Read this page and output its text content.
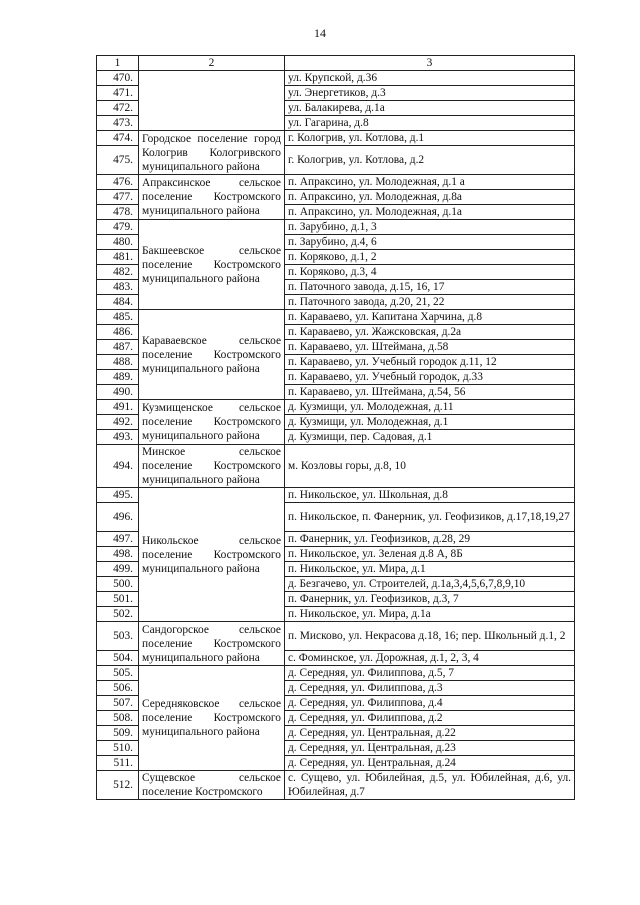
14
1	2	3
470.		ул. Крупской, д.36
471.		ул. Энергетиков, д.3
472.		ул. Балакирева, д.1а
473.		ул. Гагарина, д.8
474.	Городское поселение город Кологрив Кологривского муниципального района	г. Кологрив, ул. Котлова, д.1
475.		г. Кологрив, ул. Котлова, д.2
476.	Апраксинское сельское поселение Костромского муниципального района	п. Апраксино, ул. Молодежная, д.1 а
477.		п. Апраксино, ул. Молодежная, д.8а
478.		п. Апраксино, ул. Молодежная, д.1а
479.	Бакшеевское сельское поселение Костромского муниципального района	п. Зарубино, д.1, 3
480.		п. Зарубино, д.4, 6
481.		п. Коряково, д.1, 2
482.		п. Коряково, д.3, 4
483.		п. Паточного завода, д.15, 16, 17
484.		п. Паточного завода, д.20, 21, 22
485.	Караваевское сельское поселение Костромского муниципального района	п. Караваево, ул. Капитана Харчина, д.8
486.		п. Караваево, ул. Жажсковская, д.2а
487.		п. Караваево, ул. Штеймана, д.58
488.		п. Караваево, ул. Учебный городок д.11, 12
489.		п. Караваево, ул. Учебный городок, д.33
490.		п. Караваево, ул. Штеймана, д.54, 56
491.	Кузмищенское сельское поселение Костромского муниципального района	д. Кузмищи, ул. Молодежная, д.11
492.		д. Кузмищи, ул. Молодежная, д.1
493.		д. Кузмищи, пер. Садовая, д.1
494.	Минское сельское поселение Костромского муниципального района	м. Козловы горы, д.8, 10
495.	Никольское сельское поселение Костромского муниципального района	п. Никольское, ул. Школьная, д.8
496.		п. Никольское, п. Фанерник, ул. Геофизиков, д.17,18,19,27
497.		п. Фанерник, ул. Геофизиков, д.28, 29
498.		п. Никольское, ул. Зеленая д.8 А, 8Б
499.		п. Никольское, ул. Мира, д.1
500.		д. Безгачево, ул. Строителей, д.1а,3,4,5,6,7,8,9,10
501.		п. Фанерник, ул. Геофизиков, д.3, 7
502.		п. Никольское, ул. Мира, д.1а
503.	Сандогорское сельское поселение Костромского муниципального района	п. Мисково, ул. Некрасова д.18, 16; пер. Школьный д.1, 2
504.		с. Фоминское, ул. Дорожная, д.1, 2, 3, 4
505.	Середняковское сельское поселение Костромского муниципального района	д. Середняя, ул. Филиппова, д.5, 7
506.		д. Середняя, ул. Филиппова, д.3
507.		д. Середняя, ул. Филиппова, д.4
508.		д. Середняя, ул. Филиппова, д.2
509.		д. Середняя, ул. Центральная, д.22
510.		д. Середняя, ул. Центральная, д.23
511.		д. Середняя, ул. Центральная, д.24
512.	Сущевское сельское поселение Костромского	с. Сущево, ул. Юбилейная, д.5, ул. Юбилейная, д.6, ул. Юбилейная, д.7
